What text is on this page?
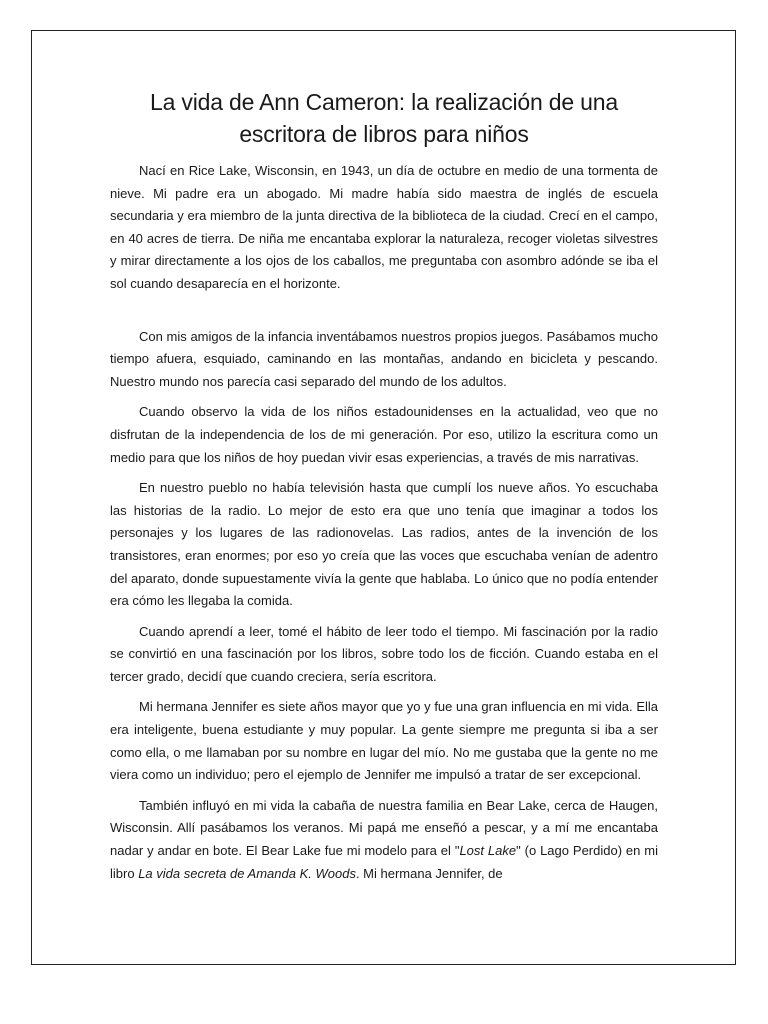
La vida de Ann Cameron: la realización de una escritora de libros para niños

Nací en Rice Lake, Wisconsin, en 1943, un día de octubre en medio de una tormenta de nieve. Mi padre era un abogado. Mi madre había sido maestra de inglés de escuela secundaria y era miembro de la junta directiva de la biblioteca de la ciudad. Crecí en el campo, en 40 acres de tierra. De niña me encantaba explorar la naturaleza, recoger violetas silvestres y mirar directamente a los ojos de los caballos, me preguntaba con asombro adónde se iba el sol cuando desaparecía en el horizonte.

Con mis amigos de la infancia inventábamos nuestros propios juegos. Pasábamos mucho tiempo afuera, esquiado, caminando en las montañas, andando en bicicleta y pescando. Nuestro mundo nos parecía casi separado del mundo de los adultos.

Cuando observo la vida de los niños estadounidenses en la actualidad, veo que no disfrutan de la independencia de los de mi generación. Por eso, utilizo la escritura como un medio para que los niños de hoy puedan vivir esas experiencias, a través de mis narrativas.

En nuestro pueblo no había televisión hasta que cumplí los nueve años. Yo escuchaba las historias de la radio. Lo mejor de esto era que uno tenía que imaginar a todos los personajes y los lugares de las radionovelas. Las radios, antes de la invención de los transistores, eran enormes; por eso yo creía que las voces que escuchaba venían de adentro del aparato, donde supuestamente vivía la gente que hablaba. Lo único que no podía entender era cómo les llegaba la comida.

Cuando aprendí a leer, tomé el hábito de leer todo el tiempo. Mi fascinación por la radio se convirtió en una fascinación por los libros, sobre todo los de ficción. Cuando estaba en el tercer grado, decidí que cuando creciera, sería escritora.

Mi hermana Jennifer es siete años mayor que yo y fue una gran influencia en mi vida. Ella era inteligente, buena estudiante y muy popular. La gente siempre me pregunta si iba a ser como ella, o me llamaban por su nombre en lugar del mío. No me gustaba que la gente no me viera como un individuo; pero el ejemplo de Jennifer me impulsó a tratar de ser excepcional.

También influyó en mi vida la cabaña de nuestra familia en Bear Lake, cerca de Haugen, Wisconsin. Allí pasábamos los veranos. Mi papá me enseñó a pescar, y a mí me encantaba nadar y andar en bote. El Bear Lake fue mi modelo para el "Lost Lake" (o Lago Perdido) en mi libro La vida secreta de Amanda K. Woods. Mi hermana Jennifer, de
